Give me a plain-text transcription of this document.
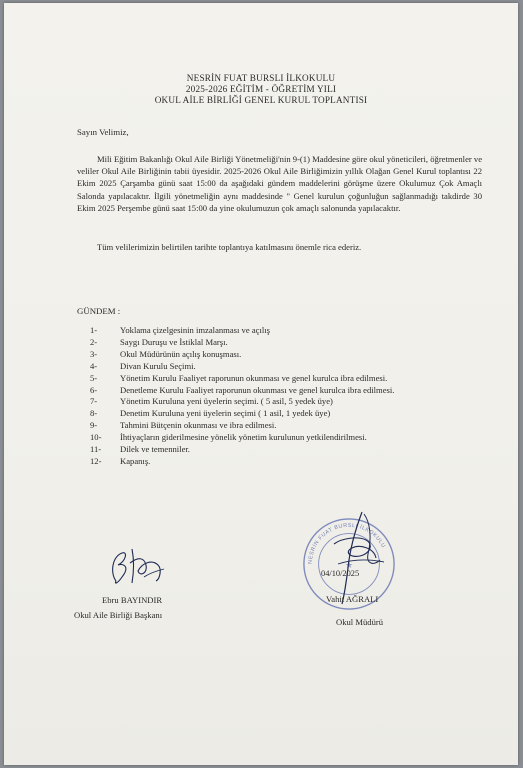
NESRİN FUAT BURSLI İLKOKULU
2025-2026 EĞİTİM - ÖĞRETİM YILI
OKUL AİLE BİRLİĞİ GENEL KURUL TOPLANTISI
Sayın Velimiz,
Mili Eğitim Bakanlığı Okul Aile Birliği Yönetmeliği'nin 9-(1) Maddesine göre okul yöneticileri, öğretmenler ve veliler Okul Aile Birliğinin tabii üyesidir. 2025-2026 Okul Aile Birliğimizin yıllık Olağan Genel Kurul toplantısı 22 Ekim 2025 Çarşamba günü saat 15:00 da aşağıdaki gündem maddelerini görüşme üzere Okulumuz Çok Amaçlı Salonda yapılacaktır. İlgili yönetmeliğin aynı maddesinde " Genel kurulun çoğunluğun sağlanmadığı takdirde 30 Ekim 2025 Perşembe günü saat 15:00 da yine okulumuzun çok amaçlı salonunda yapılacaktır.
Tüm velilerimizin belirtilen tarihte toplantıya katılmasını önemle rica ederiz.
GÜNDEM :
1-	Yoklama çizelgesinin imzalanması ve açılış
2-	Saygı Duruşu ve İstiklal Marşı.
3-	Okul Müdürünün açılış konuşması.
4-	Divan Kurulu Seçimi.
5-	Yönetim Kurulu Faaliyet raporunun okunması ve genel kurulca ibra edilmesi.
6-	Denetleme Kurulu Faaliyet raporunun okunması ve genel kurulca ibra edilmesi.
7-	Yönetim Kuruluna yeni üyelerin seçimi. ( 5 asil, 5 yedek üye)
8-	Denetim Kuruluna yeni üyelerin seçimi ( 1 asil, 1 yedek üye)
9-	Tahmini Bütçenin okunması ve ibra edilmesi.
10-	İhtiyaçların giderilmesine yönelik yönetim kurulunun yetkilendirilmesi.
11-	Dilek ve temenniler.
12-	Kapanış.
NESRİN FUAT BURSLI İLKOKULU
★
04/10/2025
Ebru BAYINDIR
Okul Aile Birliği Başkanı
Vahit AĞRALI
Okul Müdürü
